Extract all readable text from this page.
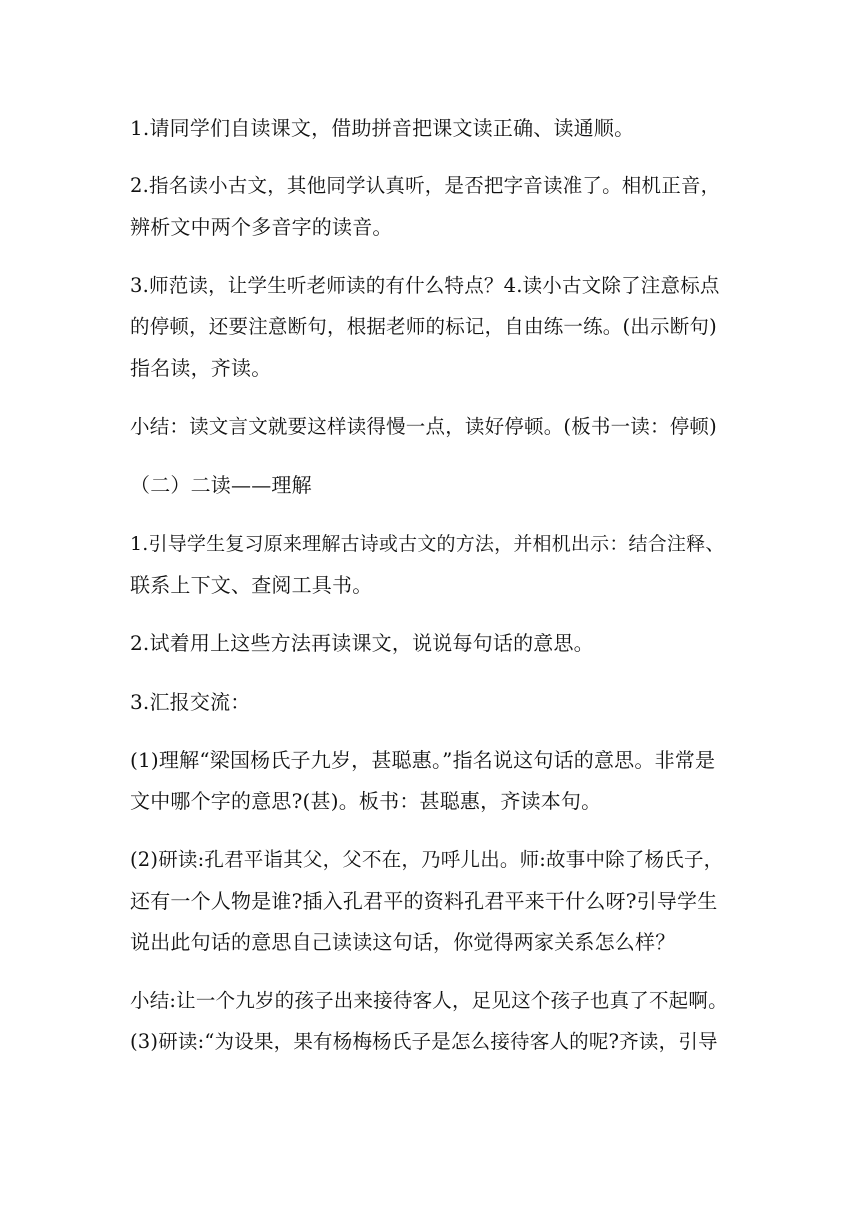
1.请同学们自读课文，借助拼音把课文读正确、读通顺。
2.指名读小古文，其他同学认真听，是否把字音读准了。相机正音，
辨析文中两个多音字的读音。
3.师范读，让学生听老师读的有什么特点？4.读小古文除了注意标点
的停顿，还要注意断句，根据老师的标记，自由练一练。(出示断句)
指名读，齐读。
小结：读文言文就要这样读得慢一点，读好停顿。(板书一读：停顿)
（二）二读——理解
1.引导学生复习原来理解古诗或古文的方法，并相机出示：结合注释、
联系上下文、查阅工具书。
2.试着用上这些方法再读课文，说说每句话的意思。
3.汇报交流：
(1)理解“梁国杨氏子九岁，甚聪惠。”指名说这句话的意思。非常是
文中哪个字的意思?(甚)。板书：甚聪惠，齐读本句。
(2)研读:孔君平诣其父，父不在，乃呼儿出。师:故事中除了杨氏子，
还有一个人物是谁?插入孔君平的资料孔君平来干什么呀?引导学生
说出此句话的意思自己读读这句话，你觉得两家关系怎么样？
小结:让一个九岁的孩子出来接待客人，足见这个孩子也真了不起啊。
(3)研读:“为设果，果有杨梅杨氏子是怎么接待客人的呢?齐读，引导
